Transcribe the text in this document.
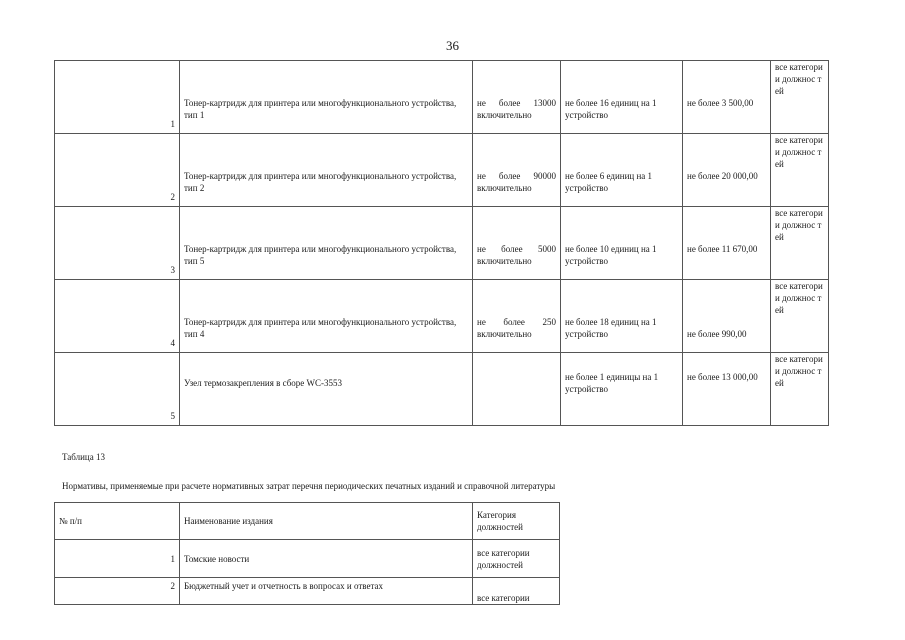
36
1	Тонер-картридж для принтера или многофункционального устройства, тип 1	не более 13000 включительно	не более 16 единиц на 1 устройство	не более 3 500,00	все категори и должнос тей
2	Тонер-картридж для принтера или многофункционального устройства, тип 2	не более 90000 включительно	не более 6 единиц на 1 устройство	не более 20 000,00	все категори и должнос тей
3	Тонер-картридж для принтера или многофункционального устройства, тип 5	не более 5000 включительно	не более 10 единиц на 1 устройство	не более 11 670,00	все категори и должнос тей
4	Тонер-картридж для принтера или многофункционального устройства, тип 4	не более 250 включительно	не более 18 единиц на 1 устройство	не более 990,00	все категори и должнос тей
5	Узел термозакрепления в сборе WC-3553		не более 1 единицы на 1 устройство	не более 13 000,00	все категори и должнос тей
Таблица 13
Нормативы, применяемые при расчете нормативных затрат перечня периодических печатных изданий и справочной литературы
№ п/п	Наименование издания	Категория должностей
1	Томские новости	все категории должностей
2	Бюджетный учет и отчетность в вопросах и ответах	все категории
